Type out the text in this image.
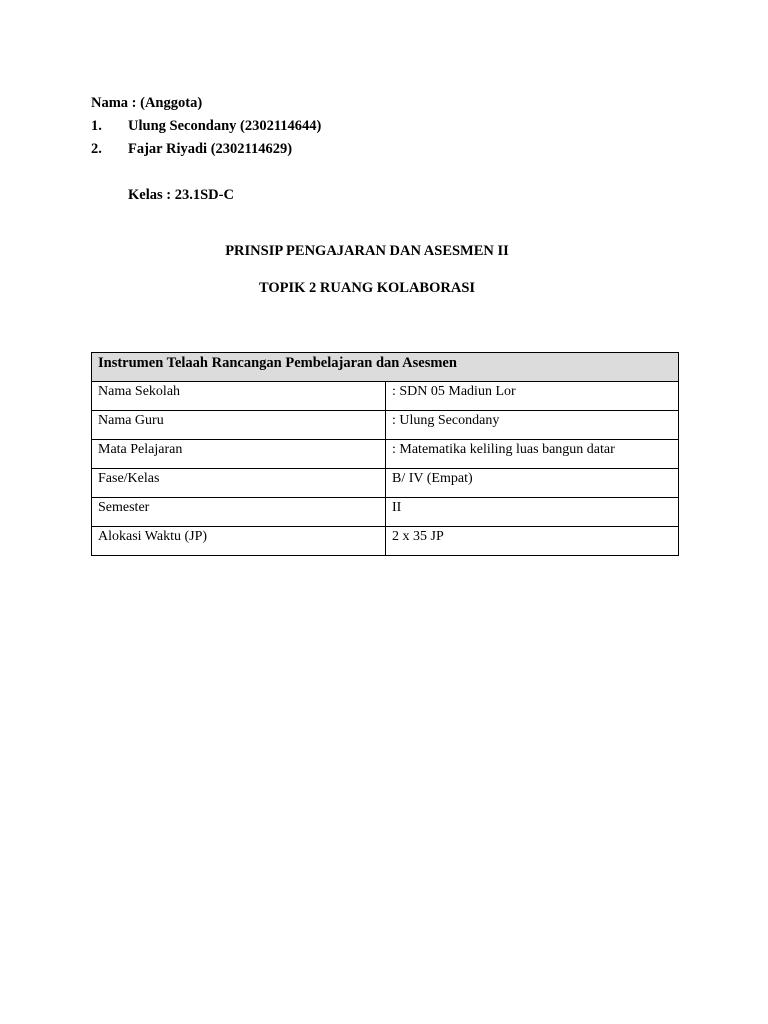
Nama : (Anggota)
1. Ulung Secondany (2302114644)
2. Fajar Riyadi (2302114629)
Kelas : 23.1SD-C
PRINSIP PENGAJARAN DAN ASESMEN II
TOPIK 2 RUANG KOLABORASI
Instrumen Telaah Rancangan Pembelajaran dan Asesmen	
Nama Sekolah	: SDN 05 Madiun Lor
Nama Guru	: Ulung Secondany
Mata Pelajaran	: Matematika keliling luas bangun datar
Fase/Kelas	B/ IV (Empat)
Semester	II
Alokasi Waktu (JP)	2 x 35 JP
